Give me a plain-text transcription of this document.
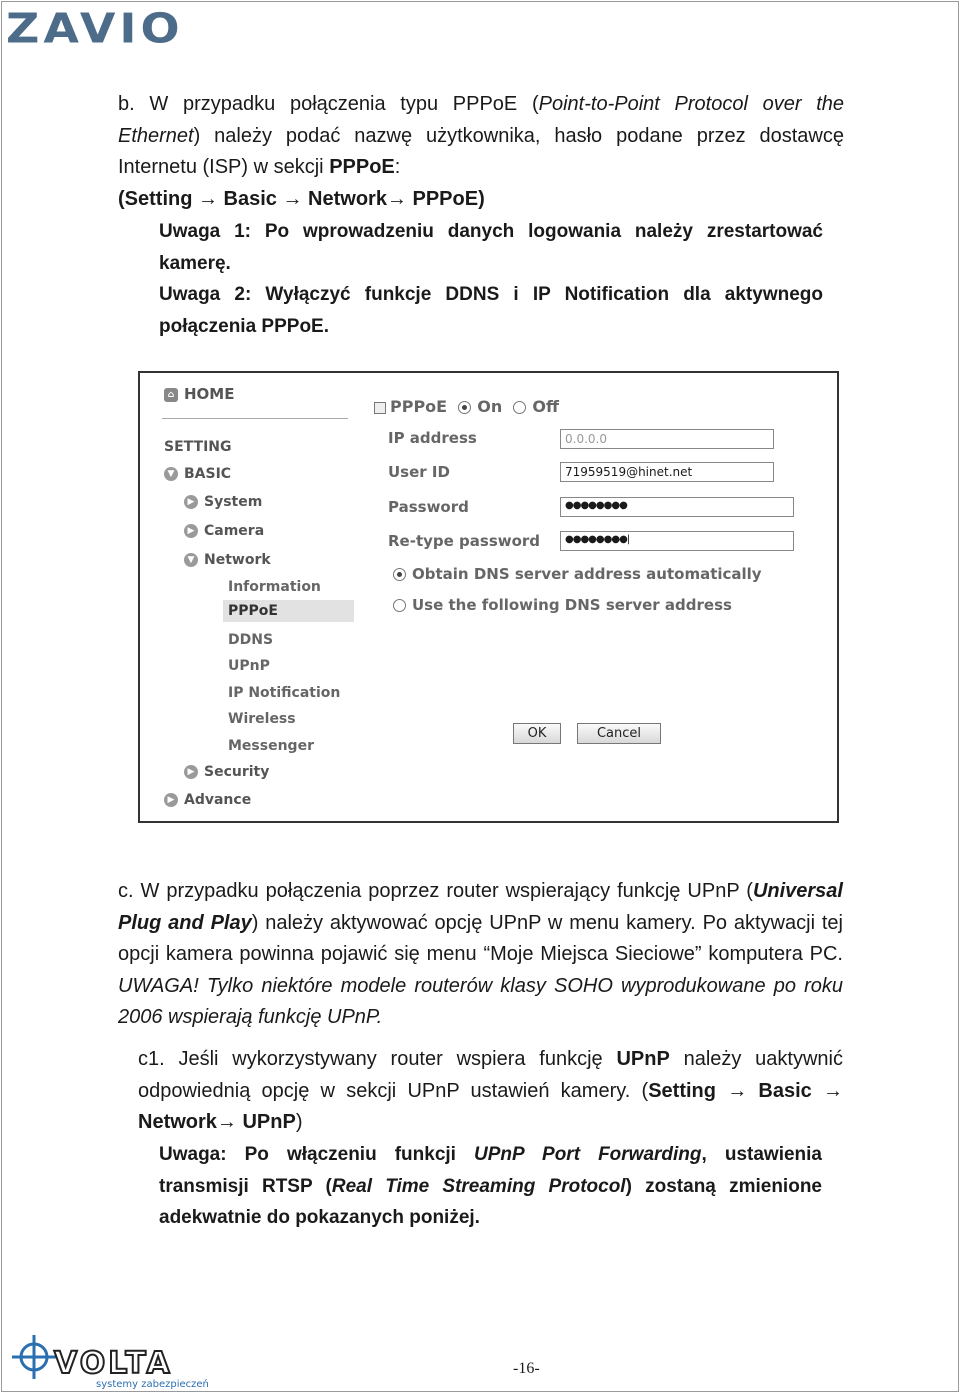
ZAVIO

b. W przypadku połączenia typu PPPoE (Point-to-Point Protocol over the Ethernet) należy podać nazwę użytkownika, hasło podane przez dostawcę Internetu (ISP) w sekcji PPPoE:
(Setting → Basic → Network→ PPPoE)

Uwaga 1: Po wprowadzeniu danych logowania należy zrestartować kamerę.

Uwaga 2: Wyłączyć funkcje DDNS i IP Notification dla aktywnego połączenia PPPoE.

⌂ HOME
SETTING
▼ BASIC
▶ System
▶ Camera
▼ Network
Information
PPPoE
DDNS
UPnP
IP Notification
Wireless
Messenger
▶ Security
▶ Advance
PPPoE On Off
IP address	0.0.0.0
User ID	71959519@hinet.net
Password	●●●●●●●●
Re-type password	●●●●●●●●|
Obtain DNS server address automatically
Use the following DNS server address
OK	Cancel

c. W przypadku połączenia poprzez router wspierający funkcję UPnP (Universal Plug and Play) należy aktywować opcję UPnP w menu kamery. Po aktywacji tej opcji kamera powinna pojawić się menu “Moje Miejsca Sieciowe” komputera PC. UWAGA! Tylko niektóre modele routerów klasy SOHO wyprodukowane po roku 2006 wspierają funkcję UPnP.

c1. Jeśli wykorzystywany router wspiera funkcję UPnP należy uaktywnić odpowiednią opcję w sekcji UPnP ustawień kamery. (Setting → Basic → Network→ UPnP)

Uwaga: Po włączeniu funkcji UPnP Port Forwarding, ustawienia transmisji RTSP (Real Time Streaming Protocol) zostaną zmienione adekwatnie do pokazanych poniżej.

VOLTA
systemy zabezpieczeń
-16-
